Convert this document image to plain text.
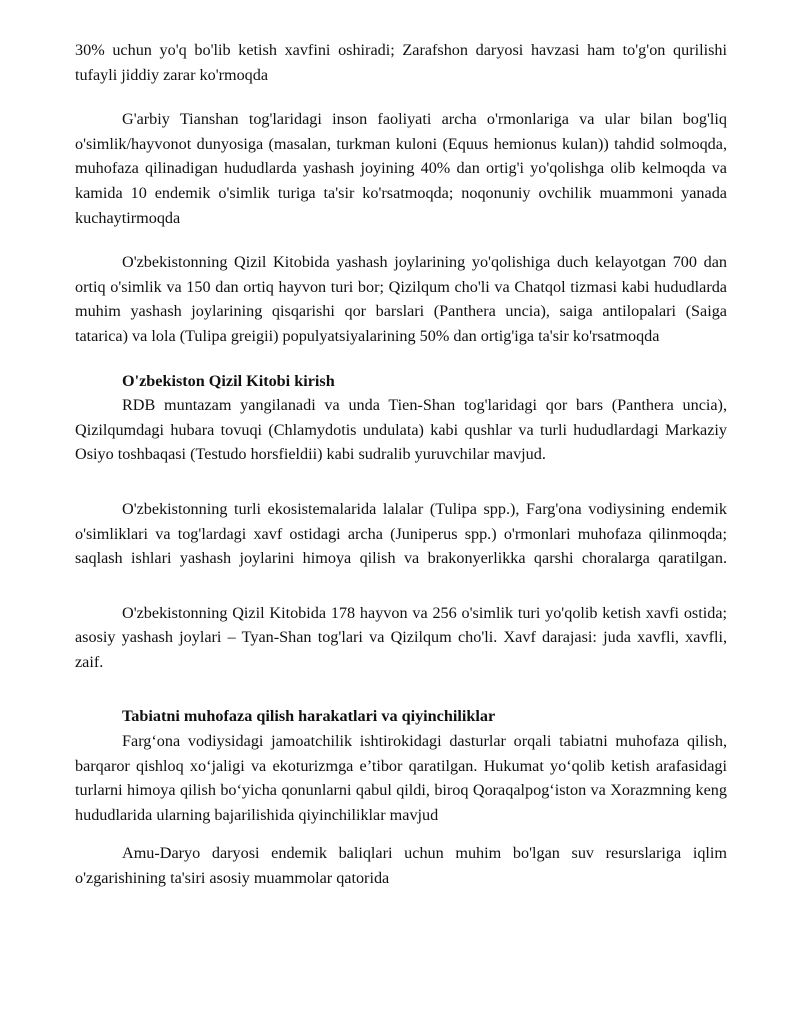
30% uchun yo'q bo'lib ketish xavfini oshiradi; Zarafshon daryosi havzasi ham to'g'on qurilishi tufayli jiddiy zarar ko'rmoqda

G'arbiy Tianshan tog'laridagi inson faoliyati archa o'rmonlariga va ular bilan bog'liq o'simlik/hayvonot dunyosiga (masalan, turkman kuloni (Equus hemionus kulan)) tahdid solmoqda, muhofaza qilinadigan hududlarda yashash joyining 40% dan ortig'i yo'qolishga olib kelmoqda va kamida 10 endemik o'simlik turiga ta'sir ko'rsatmoqda; noqonuniy ovchilik muammoni yanada kuchaytirmoqda

O'zbekistonning Qizil Kitobida yashash joylarining yo'qolishiga duch kelayotgan 700 dan ortiq o'simlik va 150 dan ortiq hayvon turi bor; Qizilqum cho'li va Chatqol tizmasi kabi hududlarda muhim yashash joylarining qisqarishi qor barslari (Panthera uncia), saiga antilopalari (Saiga tatarica) va lola (Tulipa greigii) populyatsiyalarining 50% dan ortig'iga ta'sir ko'rsatmoqda

O'zbekiston Qizil Kitobi kirish

RDB muntazam yangilanadi va unda Tien-Shan tog'laridagi qor bars (Panthera uncia), Qizilqumdagi hubara tovuqi (Chlamydotis undulata) kabi qushlar va turli hududlardagi Markaziy Osiyo toshbaqasi (Testudo horsfieldii) kabi sudralib yuruvchilar mavjud.

O'zbekistonning turli ekosistemalarida lalalar (Tulipa spp.), Farg'ona vodiysining endemik o'simliklari va tog'lardagi xavf ostidagi archa (Juniperus spp.) o'rmonlari muhofaza qilinmoqda; saqlash ishlari yashash joylarini himoya qilish va brakonyerlikka qarshi choralarga qaratilgan.

O'zbekistonning Qizil Kitobida 178 hayvon va 256 o'simlik turi yo'qolib ketish xavfi ostida; asosiy yashash joylari – Tyan-Shan tog'lari va Qizilqum cho'li. Xavf darajasi: juda xavfli, xavfli, zaif.

Tabiatni muhofaza qilish harakatlari va qiyinchiliklar

Farg‘ona vodiysidagi jamoatchilik ishtirokidagi dasturlar orqali tabiatni muhofaza qilish, barqaror qishloq xo‘jaligi va ekoturizmga e’tibor qaratilgan. Hukumat yo‘qolib ketish arafasidagi turlarni himoya qilish bo‘yicha qonunlarni qabul qildi, biroq Qoraqalpog‘iston va Xorazmning keng hududlarida ularning bajarilishida qiyinchiliklar mavjud

Amu-Daryo daryosi endemik baliqlari uchun muhim bo'lgan suv resurslariga iqlim o'zgarishining ta'siri asosiy muammolar qatorida
